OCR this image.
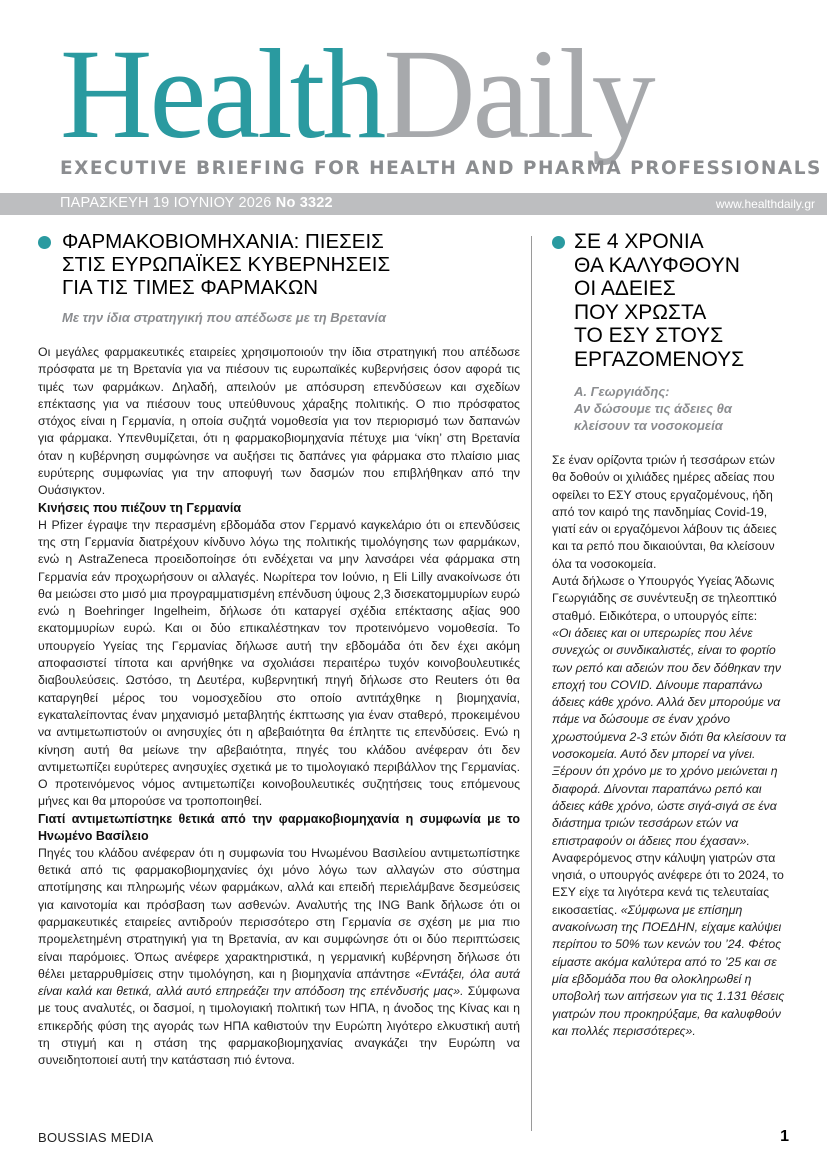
HealthDaily
EXECUTIVE BRIEFING FOR HEALTH AND PHARMA PROFESSIONALS
ΠΑΡΑΣΚΕΥΗ 19 ΙΟΥΝΙΟΥ 2026 No 3322	www.healthdaily.gr
ΦΑΡΜΑΚΟΒΙΟΜΗΧΑΝΙΑ: ΠΙΕΣΕΙΣ
ΣΤΙΣ ΕΥΡΩΠΑΪΚΕΣ ΚΥΒΕΡΝΗΣΕΙΣ
ΓΙΑ ΤΙΣ ΤΙΜΕΣ ΦΑΡΜΑΚΩΝ
Με την ίδια στρατηγική που απέδωσε με τη Βρετανία

Οι μεγάλες φαρμακευτικές εταιρείες χρησιμοποιούν την ίδια στρατηγική που απέδωσε πρόσφατα με τη Βρετανία για να πιέσουν τις ευρωπαϊκές κυβερνήσεις όσον αφορά τις τιμές των φαρμάκων. Δηλαδή, απειλούν με απόσυρση επενδύσεων και σχεδίων επέκτασης για να πιέσουν τους υπεύθυνους χάραξης πολιτικής. Ο πιο πρόσφατος στόχος είναι η Γερμανία, η οποία συζητά νομοθεσία για τον περιορισμό των δαπανών για φάρμακα. Υπενθυμίζεται, ότι η φαρμακοβιομηχανία πέτυχε μια ‘νίκη’ στη Βρετανία όταν η κυβέρνηση συμφώνησε να αυξήσει τις δαπάνες για φάρμακα στο πλαίσιο μιας ευρύτερης συμφωνίας για την αποφυγή των δασμών που επιβλήθηκαν από την Ουάσιγκτον.

Κινήσεις που πιέζουν τη Γερμανία

Η Pfizer έγραψε την περασμένη εβδομάδα στον Γερμανό καγκελάριο ότι οι επενδύσεις της στη Γερμανία διατρέχουν κίνδυνο λόγω της πολιτικής τιμολόγησης των φαρμάκων, ενώ η AstraZeneca προειδοποίησε ότι ενδέχεται να μην λανσάρει νέα φάρμακα στη Γερμανία εάν προχωρήσουν οι αλλαγές. Νωρίτερα τον Ιούνιο, η Eli Lilly ανακοίνωσε ότι θα μειώσει στο μισό μια προγραμματισμένη επένδυση ύψους 2,3 δισεκατομμυρίων ευρώ ενώ η Boehringer Ingelheim, δήλωσε ότι καταργεί σχέδια επέκτασης αξίας 900 εκατομμυρίων ευρώ. Και οι δύο επικαλέστηκαν τον προτεινόμενο νομοθεσία. Το υπουργείο Υγείας της Γερμανίας δήλωσε αυτή την εβδομάδα ότι δεν έχει ακόμη αποφασιστεί τίποτα και αρνήθηκε να σχολιάσει περαιτέρω τυχόν κοινοβουλευτικές διαβουλεύσεις. Ωστόσο, τη Δευτέρα, κυβερνητική πηγή δήλωσε στο Reuters ότι θα καταργηθεί μέρος του νομοσχεδίου στο οποίο αντιτάχθηκε η βιομηχανία, εγκαταλείποντας έναν μηχανισμό μεταβλητής έκπτωσης για έναν σταθερό, προκειμένου να αντιμετωπιστούν οι ανησυχίες ότι η αβεβαιότητα θα έπληττε τις επενδύσεις. Ενώ η κίνηση αυτή θα μείωνε την αβεβαιότητα, πηγές του κλάδου ανέφεραν ότι δεν αντιμετωπίζει ευρύτερες ανησυχίες σχετικά με το τιμολογιακό περιβάλλον της Γερμανίας. Ο προτεινόμενος νόμος αντιμετωπίζει κοινοβουλευτικές συζητήσεις τους επόμενους μήνες και θα μπορούσε να τροποποιηθεί.

Γιατί αντιμετωπίστηκε θετικά από την φαρμακοβιομηχανία η συμφωνία με το Ηνωμένο Βασίλειο

Πηγές του κλάδου ανέφεραν ότι η συμφωνία του Ηνωμένου Βασιλείου αντιμετωπίστηκε θετικά από τις φαρμακοβιομηχανίες όχι μόνο λόγω των αλλαγών στο σύστημα αποτίμησης και πληρωμής νέων φαρμάκων, αλλά και επειδή περιελάμβανε δεσμεύσεις για καινοτομία και πρόσβαση των ασθενών. Αναλυτής της ING Bank δήλωσε ότι οι φαρμακευτικές εταιρείες αντιδρούν περισσότερο στη Γερμανία σε σχέση με μια πιο προμελετημένη στρατηγική για τη Βρετανία, αν και συμφώνησε ότι οι δύο περιπτώσεις είναι παρόμοιες. Όπως ανέφερε χαρακτηριστικά, η γερμανική κυβέρνηση δήλωσε ότι θέλει μεταρρυθμίσεις στην τιμολόγηση, και η βιομηχανία απάντησε «Εντάξει, όλα αυτά είναι καλά και θετικά, αλλά αυτό επηρεάζει την απόδοση της επένδυσής μας». Σύμφωνα με τους αναλυτές, οι δασμοί, η τιμολογιακή πολιτική των ΗΠΑ, η άνοδος της Κίνας και η επικερδής φύση της αγοράς των ΗΠΑ καθιστούν την Ευρώπη λιγότερο ελκυστική αυτή τη στιγμή και η στάση της φαρμακοβιομηχανίας αναγκάζει την Ευρώπη να συνειδητοποιεί αυτή την κατάσταση πιό έντονα.

ΣΕ 4 ΧΡΟΝΙΑ
ΘΑ ΚΑΛΥΦΘΟΥΝ
ΟΙ ΑΔΕΙΕΣ
ΠΟΥ ΧΡΩΣΤΑ
ΤΟ ΕΣΥ ΣΤΟΥΣ
ΕΡΓΑΖΟΜΕΝΟΥΣ
Α. Γεωργιάδης:
Αν δώσουμε τις άδειες θα
κλείσουν τα νοσοκομεία

Σε έναν ορίζοντα τριών ή τεσσάρων ετών θα δοθούν οι χιλιάδες ημέρες αδείας που οφείλει το ΕΣΥ στους εργαζομένους, ήδη από τον καιρό της πανδημίας Covid-19, γιατί εάν οι εργαζόμενοι λάβουν τις άδειες και τα ρεπό που δικαιούνται, θα κλείσουν όλα τα νοσοκομεία.

Αυτά δήλωσε ο Υπουργός Υγείας Άδωνις Γεωργιάδης σε συνέντευξη σε τηλεοπτικό σταθμό. Ειδικότερα, ο υπουργός είπε:

«Οι άδειες και οι υπερωρίες που λένε συνεχώς οι συνδικαλιστές, είναι το φορτίο των ρεπό και αδειών που δεν δόθηκαν την εποχή του COVID. Δίνουμε παραπάνω άδειες κάθε χρόνο. Αλλά δεν μπορούμε να πάμε να δώσουμε σε έναν χρόνο χρωστούμενα 2-3 ετών διότι θα κλείσουν τα νοσοκομεία. Αυτό δεν μπορεί να γίνει. Ξέρουν ότι χρόνο με το χρόνο μειώνεται η διαφορά. Δίνονται παραπάνω ρεπό και άδειες κάθε χρόνο, ώστε σιγά-σιγά σε ένα διάστημα τριών τεσσάρων ετών να επιστραφούν οι άδειες που έχασαν».

Αναφερόμενος στην κάλυψη γιατρών στα νησιά, ο υπουργός ανέφερε ότι το 2024, το ΕΣΥ είχε τα λιγότερα κενά τις τελευταίας εικοσαετίας. «Σύμφωνα με επίσημη ανακοίνωση της ΠΟΕΔΗΝ, είχαμε καλύψει περίπου το 50% των κενών του ’24. Φέτος είμαστε ακόμα καλύτερα από το ’25 και σε μία εβδομάδα που θα ολοκληρωθεί η υποβολή των αιτήσεων για τις 1.131 θέσεις γιατρών που προκηρύξαμε, θα καλυφθούν και πολλές περισσότερες».

BOUSSIAS MEDIA	1
